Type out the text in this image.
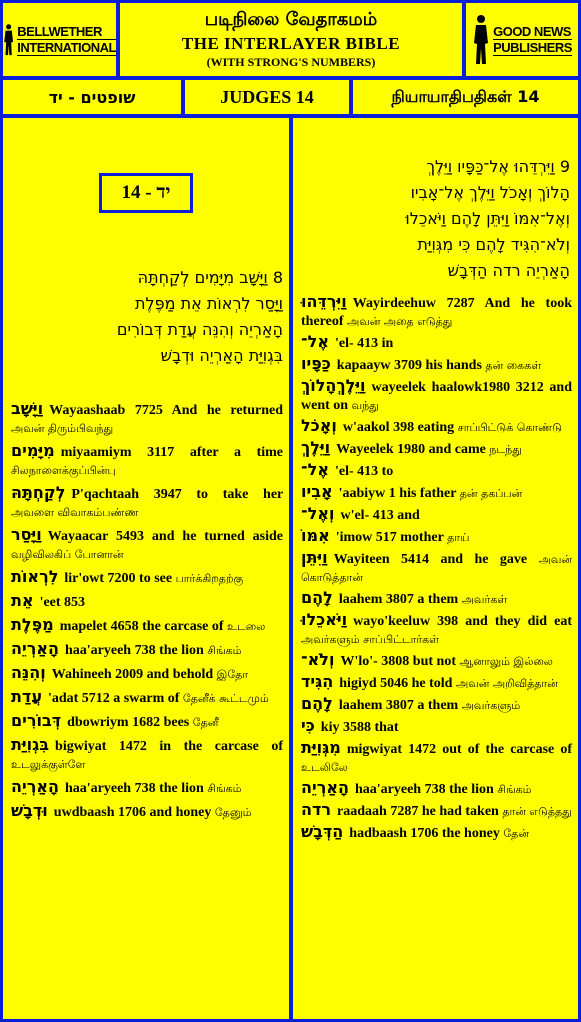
BELLWETHER
INTERNATIONAL
படிநிலை வேதாகமம்
THE INTERLAYER BIBLE
(WITH STRONG'S NUMBERS)
GOOD NEWS
PUBLISHERS
שופטים - יד	JUDGES 14	நியாயாதிபதிகள் 14
14 - יד
8 וַיָּשָׁב מִיָּמִים לְקַחְתָּהּ
וַיָּסַר לִרְאוֹת אֵת מַפֶּלֶת
הָאַרְיֵה וְהִנֵּה עֲדַת דְּבוֹרִים
בִּגְוִיַּת הָאַרְיֵה וּדְבָשׁ
וַיָּשָׁב Wayaashaab 7725 And he returned அவன் திரும்பிவந்து
מִיָּמִים miyaamiym 3117 after a time சிலநாளைக்குப்பின்பு
לְקַחְתָּהּ P'qachtaah 3947 to take her அவளை விவாகம்பண்ண
וַיָּסַר Wayaacar 5493 and he turned aside வழிவிலகிப் போனான்
לִרְאוֹת lir'owt 7200 to see பார்க்கிறதற்கு
אֵת 'eet 853
מַפֶּלֶת mapelet 4658 the carcase of உடலை
הָאַרְיֵה haa'aryeeh 738 the lion சிங்கம்
וְהִנֵּה Wahineeh 2009 and behold இதோ
עֲדַת 'adat 5712 a swarm of தேனீக் கூட்டமும்
דְּבוֹרִים dbowriym 1682 bees தேனீ
בִּגְוִיַּת bigwiyat 1472 in the carcase of உடலுக்குள்ளே
הָאַרְיֵה haa'aryeeh 738 the lion சிங்கம்
וּדְבָשׁ uwdbaash 1706 and honey தேனும்
9 וַיִּרְדֵּהוּ אֶל־כַּפָּיו וַיֵּלֶךְ
הָלוֹךְ וְאָכֹל וַיֵּלֶךְ אֶל־אָבִיו
וְאֶל־אִמּוֹ וַיִּתֵּן לָהֶם וַיֹּאכֵלוּ
וְלֹא־הִגִּיד לָהֶם כִּי מִגְּוִיַּת
הָאַרְיֵה רדה הַדְּבָשׁ
וַיִּרְדֵּהוּ Wayirdeehuw 7287 And he took thereof அவன் அதை எடுத்து
אֶל־ 'el- 413 in
כַּפָּיו kapaayw 3709 his hands தன் கைகள்
וַיֵּלֶךְהָלוֹךְ wayeelek haalowk1980 3212 and went on வந்து
וְאָכֹל w'aakol 398 eating சாப்பிட்டுக் கொண்டு
וַיֵּלֶךְ Wayeelek 1980 and came நடந்து
אֶל־ 'el- 413 to
אָבִיו 'aabiyw 1 his father தன் தகப்பன்
וְאֶל־ w'el- 413 and
אִמּוֹ 'imow 517 mother தாய்
וַיִּתֵּן Wayiteen 5414 and he gave அவன் கொடுத்தான்
לָהֶם laahem 3807 a them அவர்கள்
וַיֹּאכֵלוּ wayo'keeluw 398 and they did eat அவர்களும் சாப்பிட்டார்கள்
וְלֹא־ W'lo'- 3808 but not ஆனாலும் இல்லை
הִגִּיד higiyd 5046 he told அவன் அறிவித்தான்
לָהֶם laahem 3807 a them அவர்களும்
כִּי kiy 3588 that
מִגְּוִיַּת migwiyat 1472 out of the carcase of உடலிலே
הָאַרְיֵה haa'aryeeh 738 the lion சிங்கம்
רדה raadaah 7287 he had taken தான் எடுத்தது
הַדְּבָשׁ hadbaash 1706 the honey தேன்
